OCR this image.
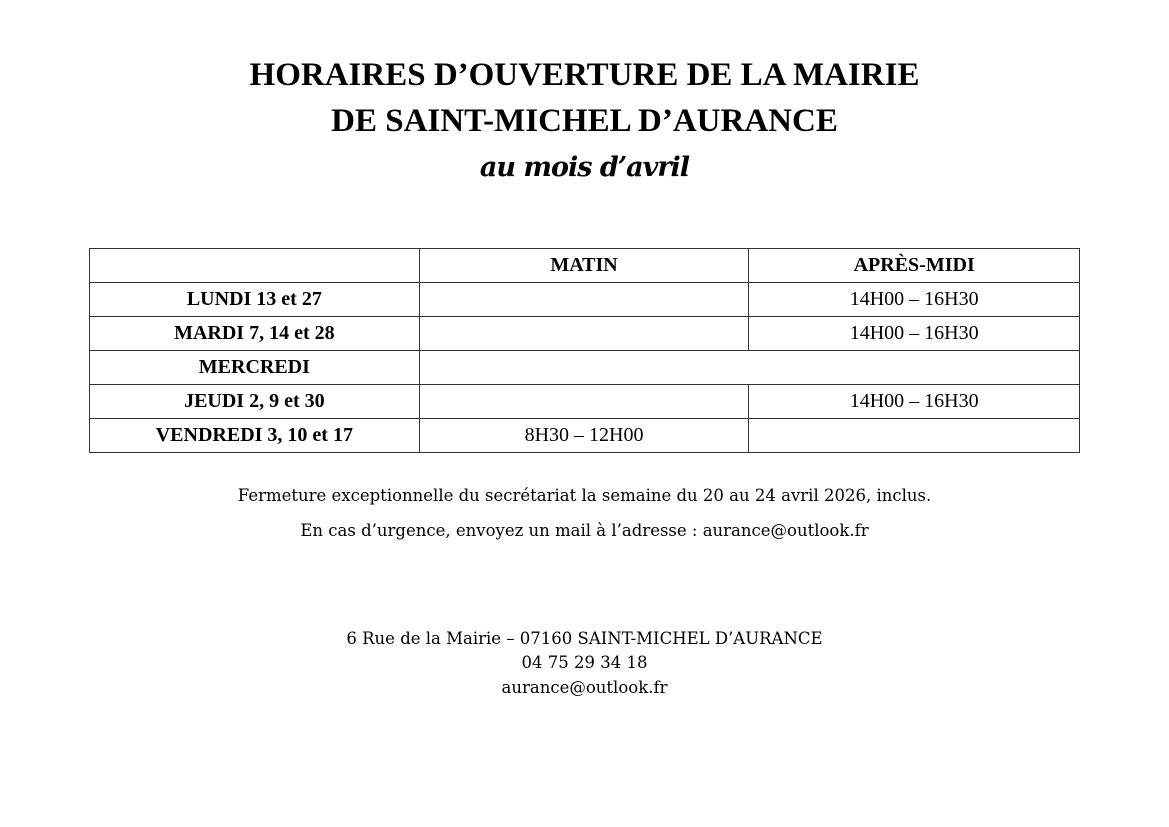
HORAIRES D’OUVERTURE DE LA MAIRIE
DE SAINT-MICHEL D’AURANCE
au mois d’avril
	MATIN	APRÈS-MIDI
LUNDI 13 et 27		14H00 – 16H30
MARDI 7, 14 et 28		14H00 – 16H30
MERCREDI		
JEUDI 2, 9 et 30		14H00 – 16H30
VENDREDI 3, 10 et 17	8H30 – 12H00	

Fermeture exceptionnelle du secrétariat la semaine du 20 au 24 avril 2026, inclus.

En cas d’urgence, envoyez un mail à l’adresse : aurance@outlook.fr

6 Rue de la Mairie – 07160 SAINT-MICHEL D’AURANCE

04 75 29 34 18

aurance@outlook.fr
